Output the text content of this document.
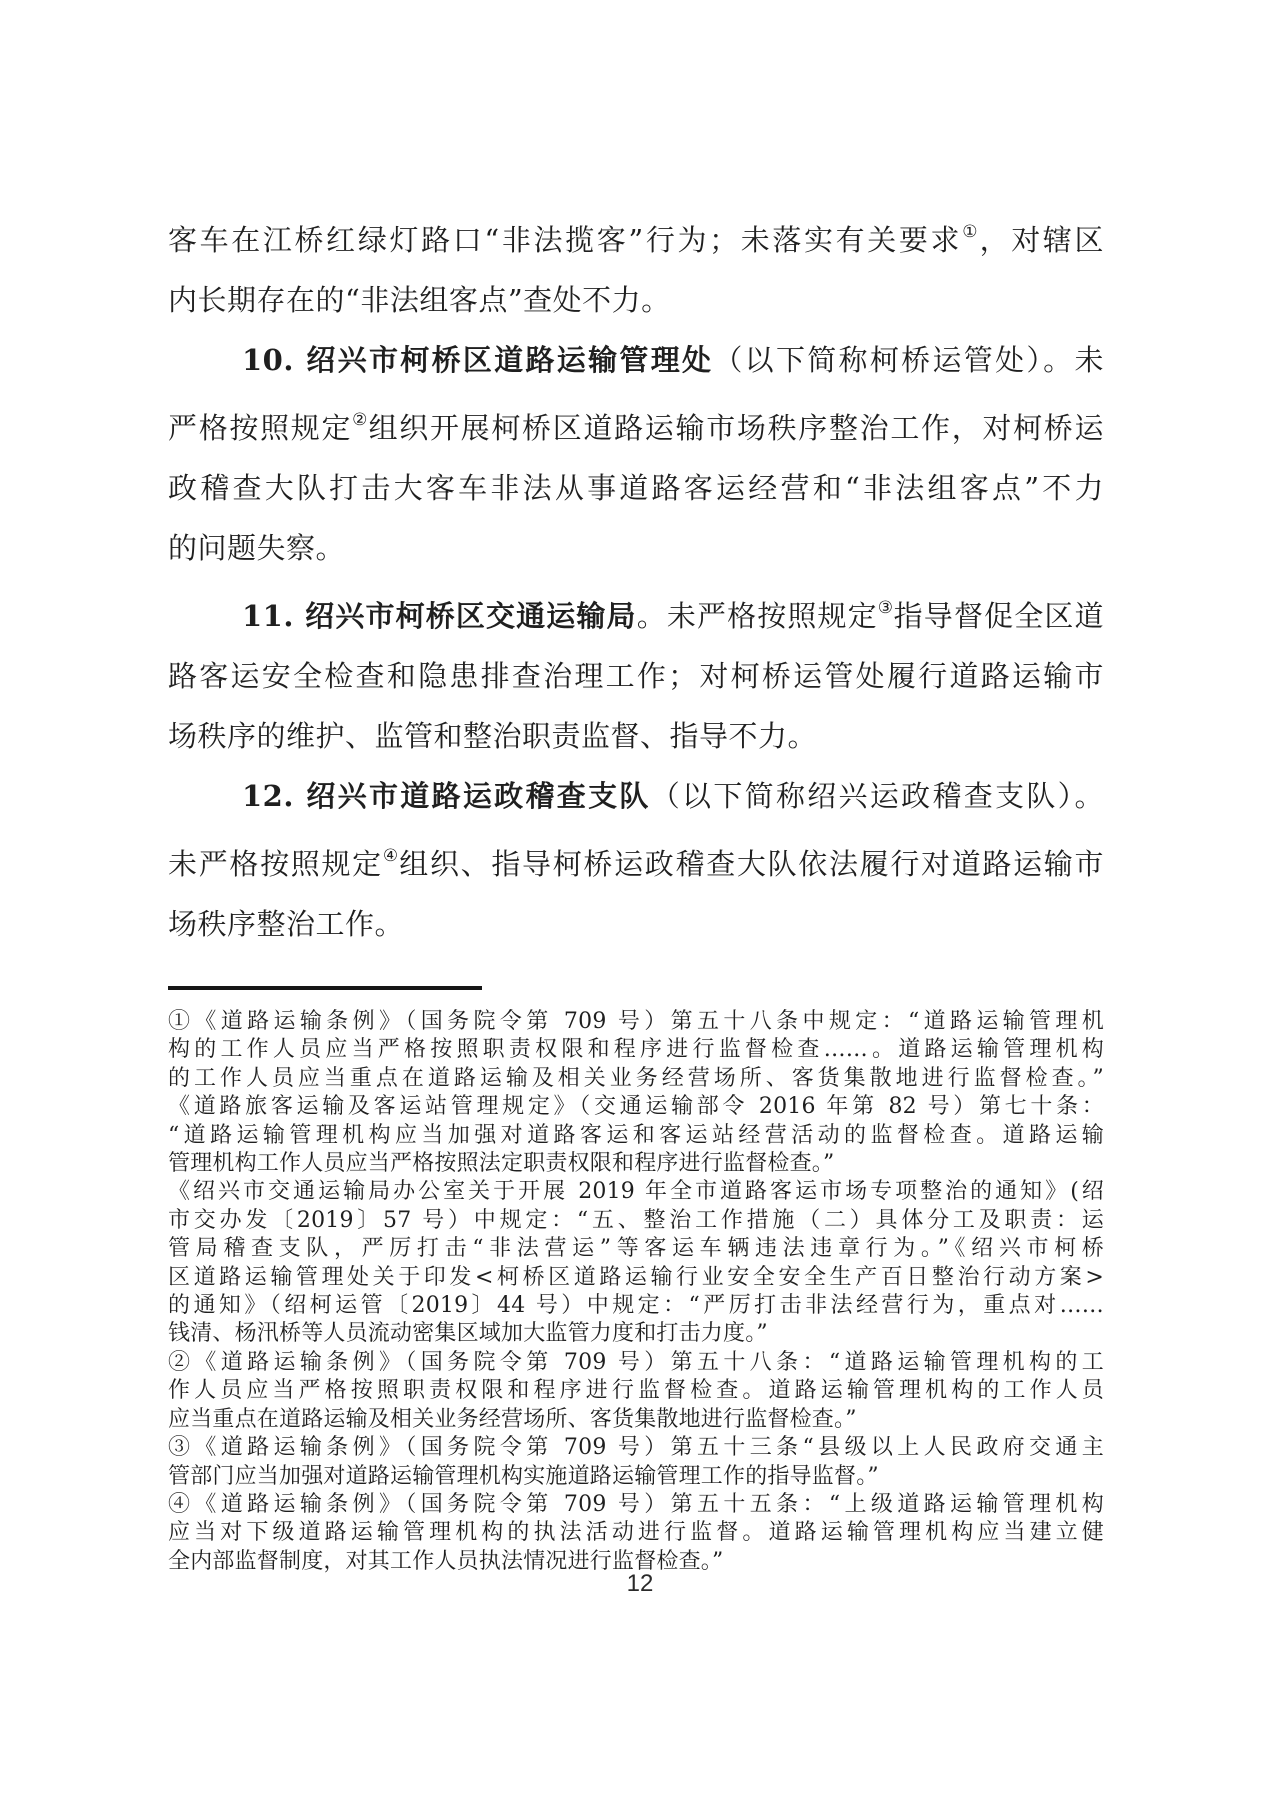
客车在江桥红绿灯路口“非法揽客”行为；未落实有关要求①，对辖区
内长期存在的“非法组客点”查处不力。
10. 绍兴市柯桥区道路运输管理处（以下简称柯桥运管处）。未
严格按照规定②组织开展柯桥区道路运输市场秩序整治工作，对柯桥运
政稽查大队打击大客车非法从事道路客运经营和“非法组客点”不力
的问题失察。
11. 绍兴市柯桥区交通运输局。未严格按照规定③指导督促全区道
路客运安全检查和隐患排查治理工作；对柯桥运管处履行道路运输市
场秩序的维护、监管和整治职责监督、指导不力。
12. 绍兴市道路运政稽查支队（以下简称绍兴运政稽查支队）。
未严格按照规定④组织、指导柯桥运政稽查大队依法履行对道路运输市
场秩序整治工作。
①《道路运输条例》（国务院令第 709 号）第五十八条中规定：“道路运输管理机
构的工作人员应当严格按照职责权限和程序进行监督检查……。道路运输管理机构
的工作人员应当重点在道路运输及相关业务经营场所、客货集散地进行监督检查。”
《道路旅客运输及客运站管理规定》（交通运输部令 2016 年第 82 号）第七十条：
“道路运输管理机构应当加强对道路客运和客运站经营活动的监督检查。道路运输
管理机构工作人员应当严格按照法定职责权限和程序进行监督检查。”
《绍兴市交通运输局办公室关于开展 2019 年全市道路客运市场专项整治的通知》(绍
市交办发〔2019〕57 号）中规定：“五、整治工作措施（二）具体分工及职责：运
管局稽查支队，严厉打击“非法营运”等客运车辆违法违章行为。”《绍兴市柯桥
区道路运输管理处关于印发<柯桥区道路运输行业安全安全生产百日整治行动方案>
的通知》（绍柯运管〔2019〕44 号）中规定：“严厉打击非法经营行为，重点对……
钱清、杨汛桥等人员流动密集区域加大监管力度和打击力度。”
②《道路运输条例》（国务院令第 709 号）第五十八条：“道路运输管理机构的工
作人员应当严格按照职责权限和程序进行监督检查。道路运输管理机构的工作人员
应当重点在道路运输及相关业务经营场所、客货集散地进行监督检查。”
③《道路运输条例》（国务院令第 709 号）第五十三条“县级以上人民政府交通主
管部门应当加强对道路运输管理机构实施道路运输管理工作的指导监督。”
④《道路运输条例》（国务院令第 709 号）第五十五条：“上级道路运输管理机构
应当对下级道路运输管理机构的执法活动进行监督。道路运输管理机构应当建立健
全内部监督制度，对其工作人员执法情况进行监督检查。”
12
